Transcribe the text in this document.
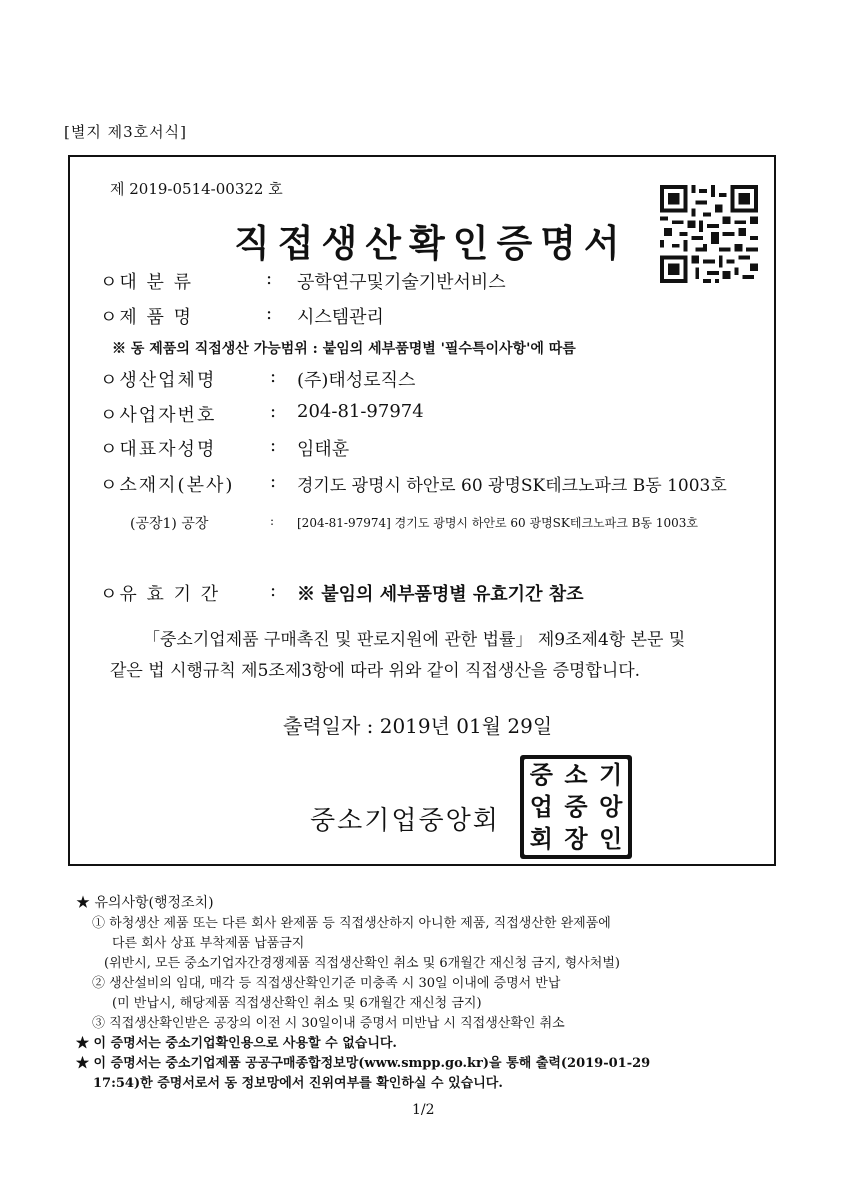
[별지 제3호서식]
제 2019-0514-00322 호
직접생산확인증명서
ㅇ대 분 류	: 공학연구및기술기반서비스
ㅇ제 품 명	: 시스템관리
※ 동 제품의 직접생산 가능범위 : 붙임의 세부품명별 '필수특이사항'에 따름
ㅇ생산업체명	: (주)태성로직스
ㅇ사업자번호	: 204-81-97974
ㅇ대표자성명	: 임태훈
ㅇ소재지(본사) : 경기도 광명시 하안로 60 광명SK테크노파크 B동 1003호
(공장1) 공장	: [204-81-97974] 경기도 광명시 하안로 60 광명SK테크노파크 B동 1003호
ㅇ유 효 기 간	: ※ 붙임의 세부품명별 유효기간 참조
「중소기업제품 구매촉진 및 판로지원에 관한 법률」 제9조제4항 본문 및
같은 법 시행규칙 제5조제3항에 따라 위와 같이 직접생산을 증명합니다.
출력일자 : 2019년 01월 29일
중소기업중앙회
중 소 기
업 중 앙
회 장 인
★ 유의사항(행정조치)
① 하청생산 제품 또는 다른 회사 완제품 등 직접생산하지 아니한 제품, 직접생산한 완제품에
다른 회사 상표 부착제품 납품금지
(위반시, 모든 중소기업자간경쟁제품 직접생산확인 취소 및 6개월간 재신청 금지, 형사처벌)
② 생산설비의 임대, 매각 등 직접생산확인기준 미충족 시 30일 이내에 증명서 반납
(미 반납시, 해당제품 직접생산확인 취소 및 6개월간 재신청 금지)
③ 직접생산확인받은 공장의 이전 시 30일이내 증명서 미반납 시 직접생산확인 취소
★ 이 증명서는 중소기업확인용으로 사용할 수 없습니다.
★ 이 증명서는 중소기업제품 공공구매종합정보망(www.smpp.go.kr)을 통해 출력(2019-01-29
17:54)한 증명서로서 동 정보망에서 진위여부를 확인하실 수 있습니다.
1/2
